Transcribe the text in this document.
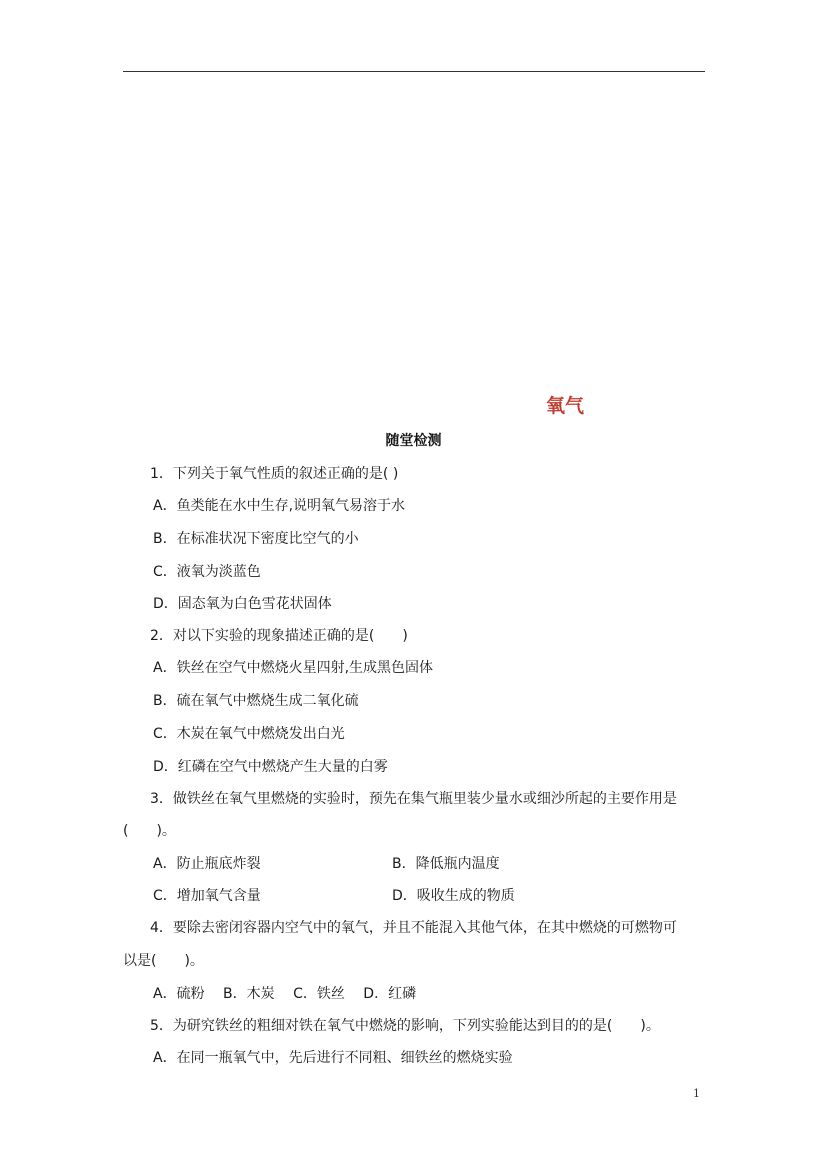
氧气
随堂检测
1．下列关于氧气性质的叙述正确的是( )
A．鱼类能在水中生存,说明氧气易溶于水
B．在标准状况下密度比空气的小
C．液氧为淡蓝色
D．固态氧为白色雪花状固体
2．对以下实验的现象描述正确的是(　　)
A．铁丝在空气中燃烧火星四射,生成黑色固体
B．硫在氧气中燃烧生成二氧化硫
C．木炭在氧气中燃烧发出白光
D．红磷在空气中燃烧产生大量的白雾
3．做铁丝在氧气里燃烧的实验时，预先在集气瓶里装少量水或细沙所起的主要作用是
(　　)。
A．防止瓶底炸裂	B．降低瓶内温度
C．增加氧气含量	D．吸收生成的物质
4．要除去密闭容器内空气中的氧气，并且不能混入其他气体，在其中燃烧的可燃物可
以是(　　)。
A．硫粉　 B．木炭　 C．铁丝　 D．红磷
5．为研究铁丝的粗细对铁在氧气中燃烧的影响，下列实验能达到目的的是(　　)。
A．在同一瓶氧气中，先后进行不同粗、细铁丝的燃烧实验
1
